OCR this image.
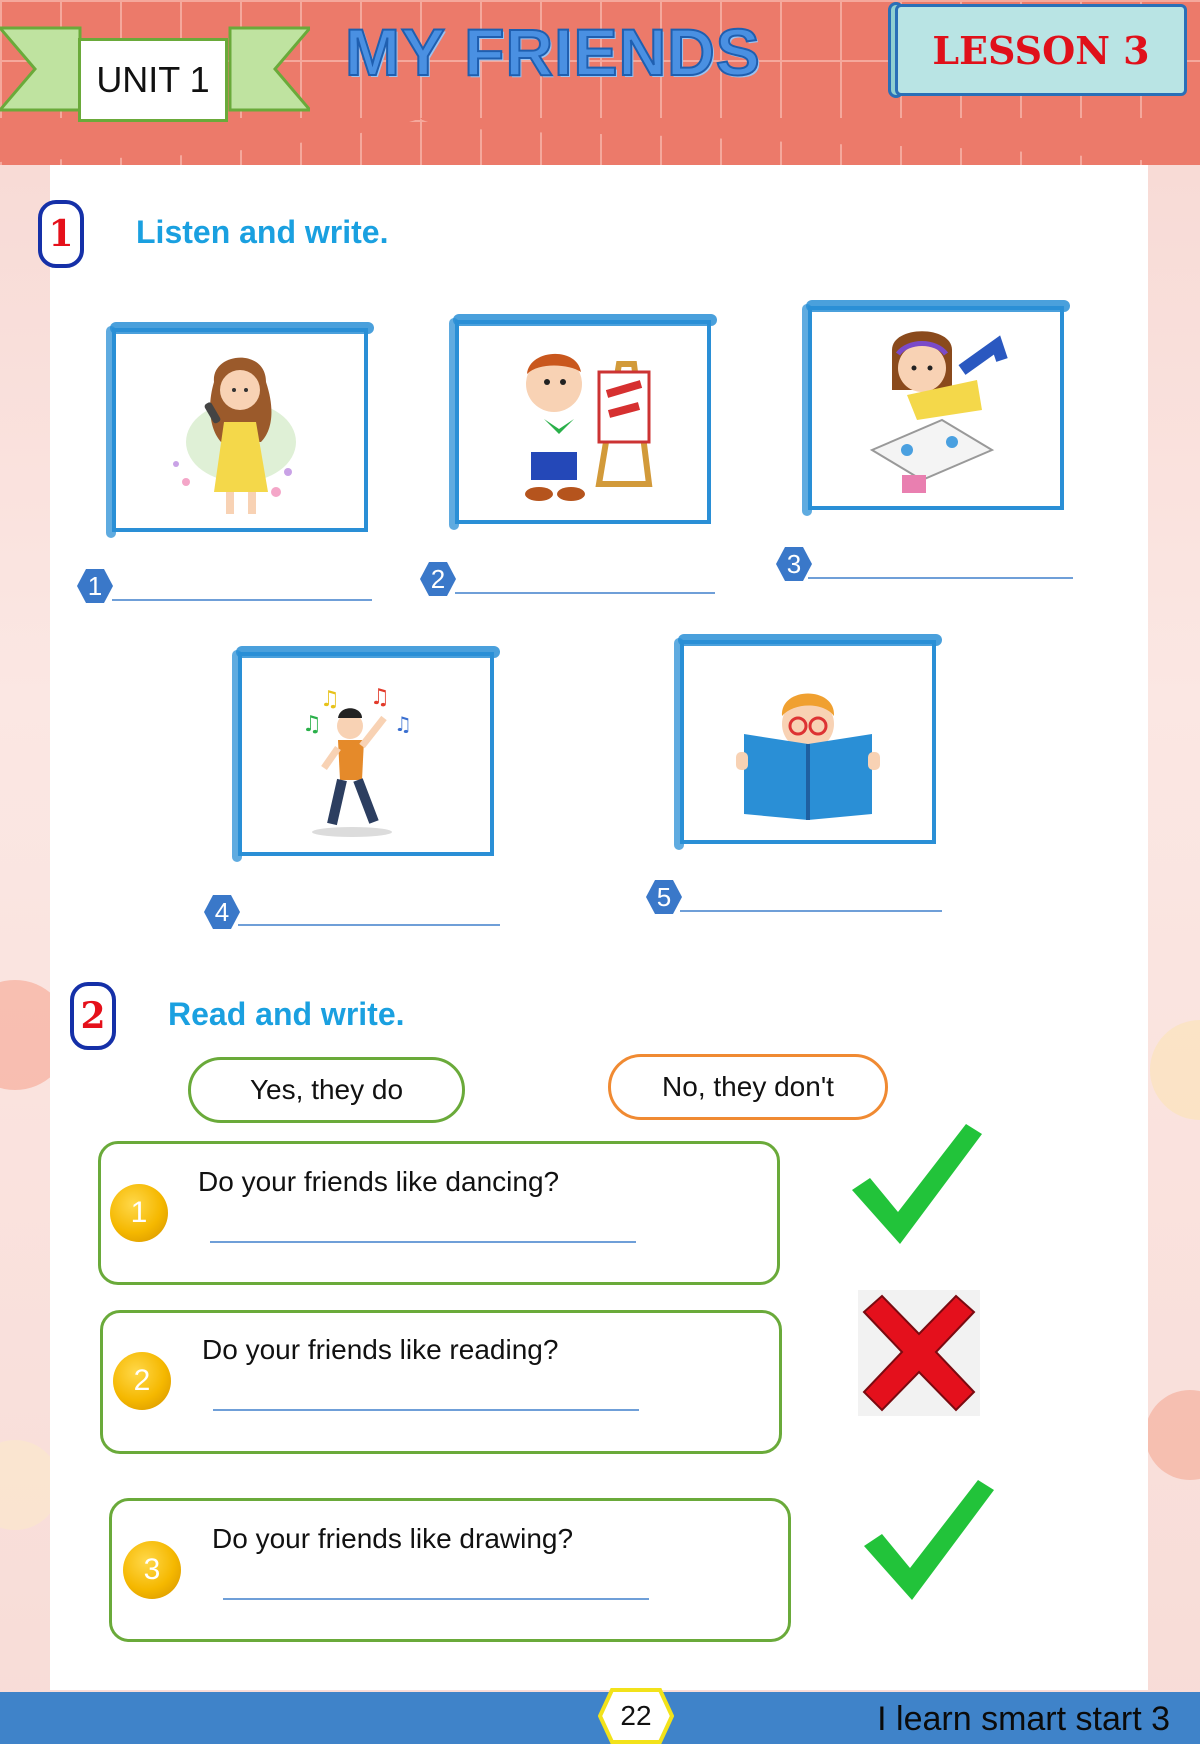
UNIT 1 MY FRIENDS	LESSON 3
1	Listen and write.
1	2	3
♫
♫ ♫
♫
4	5
2	Read and write.
Yes, they do	No, they don't
1
Do your friends like dancing?
2
Do your friends like reading?
3
Do your friends like drawing?
22	I learn smart start 3
